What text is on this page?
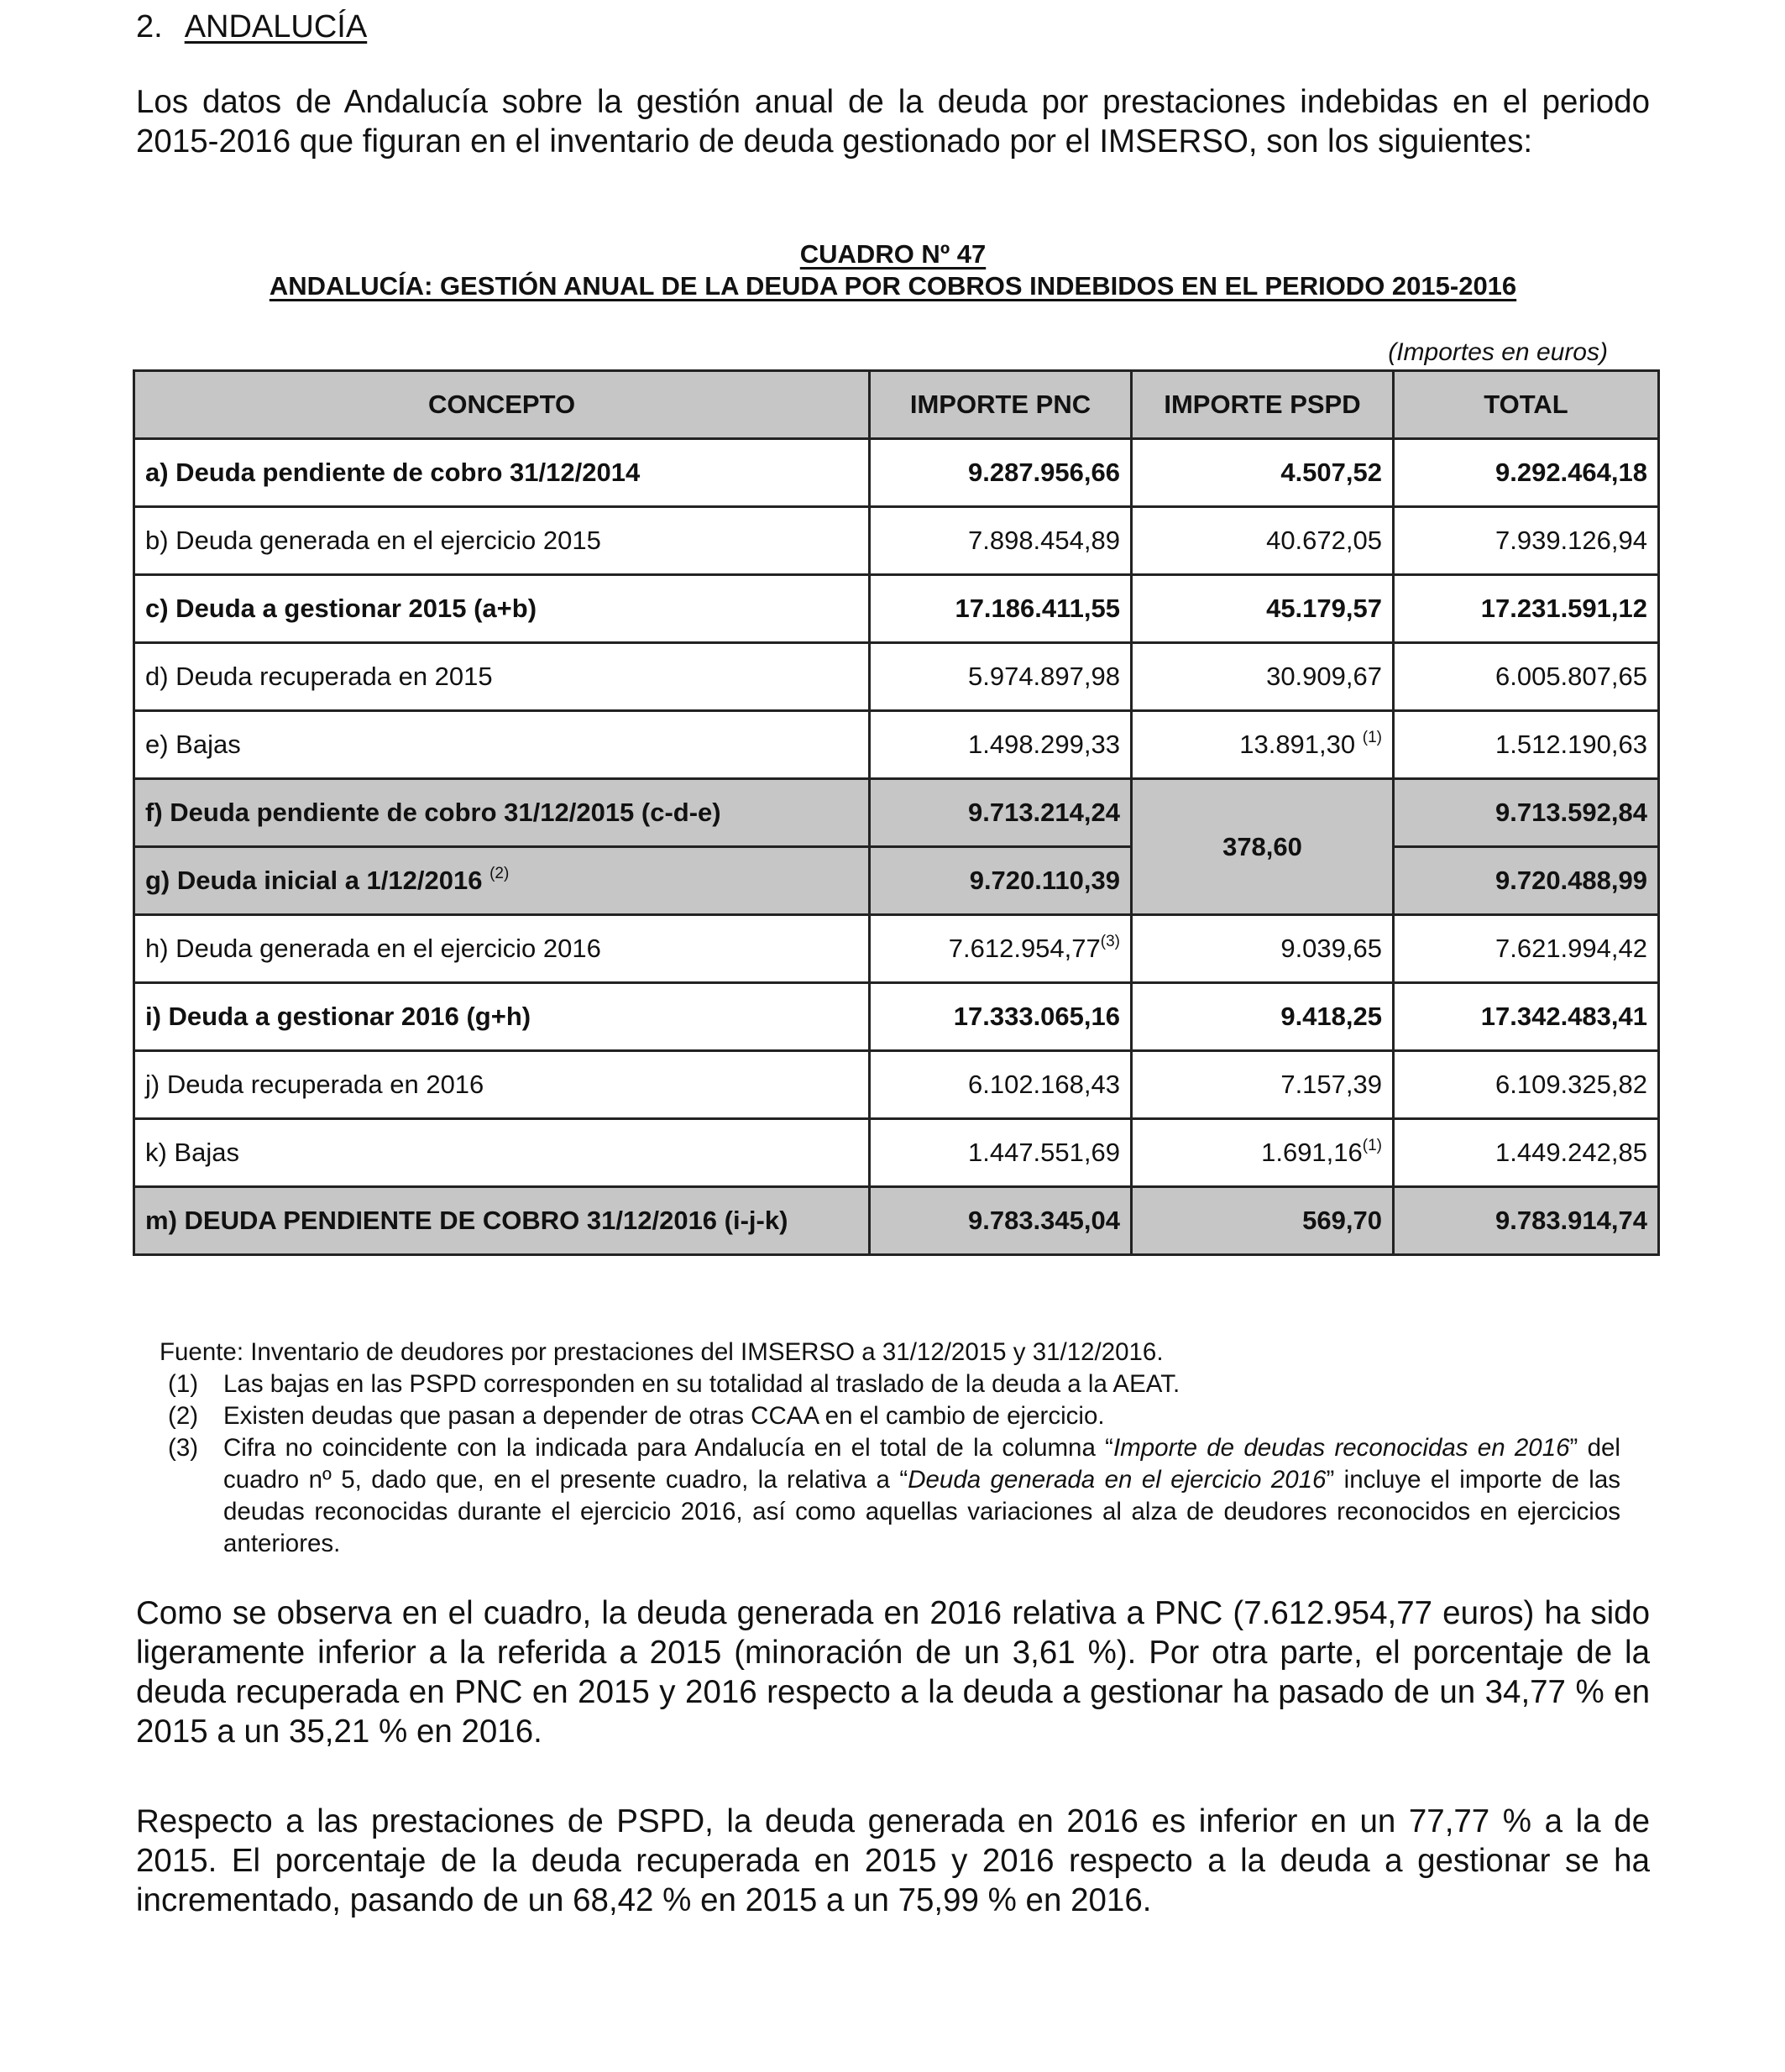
2. ANDALUCÍA
Los datos de Andalucía sobre la gestión anual de la deuda por prestaciones indebidas en el periodo 2015-2016 que figuran en el inventario de deuda gestionado por el IMSERSO, son los siguientes:
CUADRO Nº 47
ANDALUCÍA: GESTIÓN ANUAL DE LA DEUDA POR COBROS INDEBIDOS EN EL PERIODO 2015-2016
(Importes en euros)
CONCEPTO	IMPORTE PNC	IMPORTE PSPD	TOTAL
a) Deuda pendiente de cobro 31/12/2014	9.287.956,66	4.507,52	9.292.464,18
b) Deuda generada en el ejercicio 2015	7.898.454,89	40.672,05	7.939.126,94
c) Deuda a gestionar 2015 (a+b)	17.186.411,55	45.179,57	17.231.591,12
d) Deuda recuperada en 2015	5.974.897,98	30.909,67	6.005.807,65
e) Bajas	1.498.299,33	13.891,30 $^{(1)}$	1.512.190,63
f) Deuda pendiente de cobro 31/12/2015 (c-d-e)	9.713.214,24	378,60	9.713.592,84
g) Deuda inicial a 1/12/2016 $^{(2)}$	9.720.110,39		9.720.488,99
h) Deuda generada en el ejercicio 2016	7.612.954,77$^{(3)}$	9.039,65	7.621.994,42
i) Deuda a gestionar 2016 (g+h)	17.333.065,16	9.418,25	17.342.483,41
j) Deuda recuperada en 2016	6.102.168,43	7.157,39	6.109.325,82
k) Bajas	1.447.551,69	1.691,16$^{(1)}$	1.449.242,85
m) DEUDA PENDIENTE DE COBRO 31/12/2016 (i-j-k)	9.783.345,04	569,70	9.783.914,74
Fuente: Inventario de deudores por prestaciones del IMSERSO a 31/12/2015 y 31/12/2016.
(1)	Las bajas en las PSPD corresponden en su totalidad al traslado de la deuda a la AEAT.
(2)	Existen deudas que pasan a depender de otras CCAA en el cambio de ejercicio.
(3)	Cifra no coincidente con la indicada para Andalucía en el total de la columna “Importe de deudas reconocidas en 2016” del cuadro nº 5, dado que, en el presente cuadro, la relativa a “Deuda generada en el ejercicio 2016” incluye el importe de las deudas reconocidas durante el ejercicio 2016, así como aquellas variaciones al alza de deudores reconocidos en ejercicios anteriores.
Como se observa en el cuadro, la deuda generada en 2016 relativa a PNC (7.612.954,77 euros) ha sido ligeramente inferior a la referida a 2015 (minoración de un 3,61 %). Por otra parte, el porcentaje de la deuda recuperada en PNC en 2015 y 2016 respecto a la deuda a gestionar ha pasado de un 34,77 % en 2015 a un 35,21 % en 2016.
Respecto a las prestaciones de PSPD, la deuda generada en 2016 es inferior en un 77,77 % a la de 2015. El porcentaje de la deuda recuperada en 2015 y 2016 respecto a la deuda a gestionar se ha incrementado, pasando de un 68,42 % en 2015 a un 75,99 % en 2016.
